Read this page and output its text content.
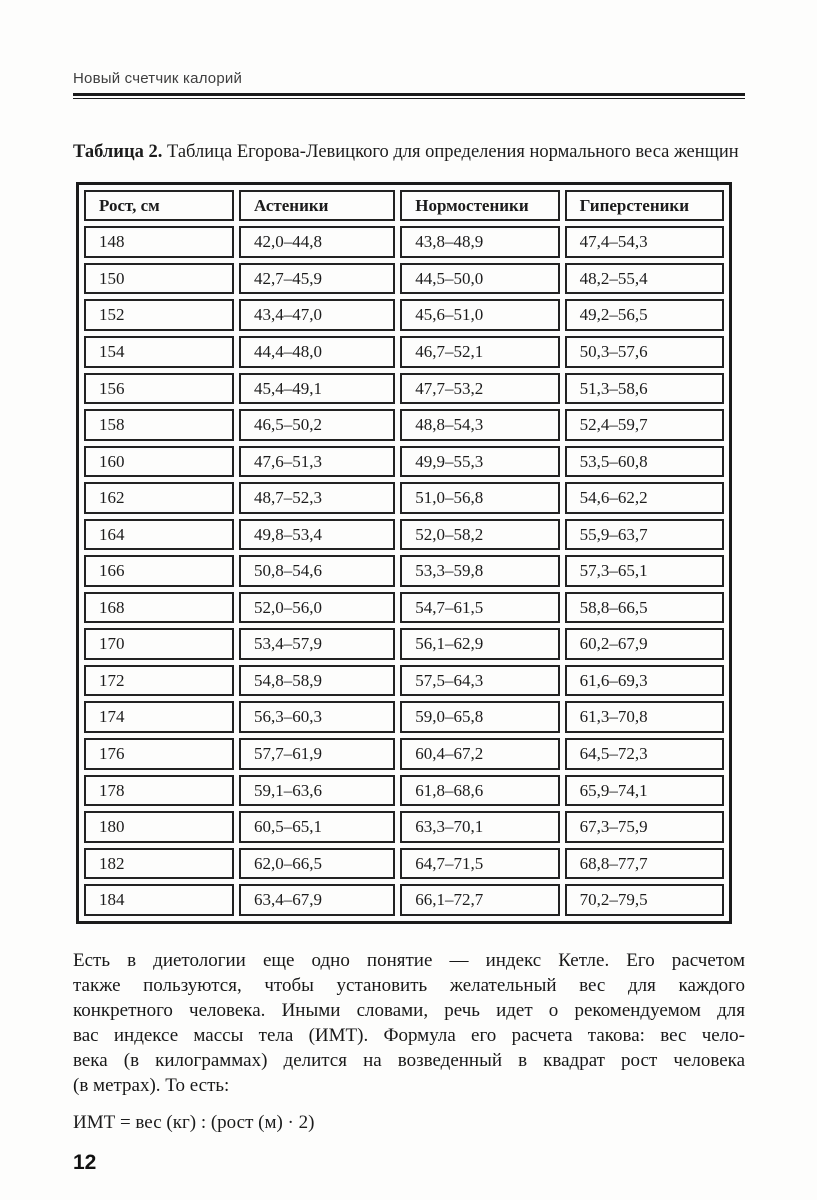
Новый счетчик калорий

Таблица 2. Таблица Егорова-Левицкого для определения нормального веса женщин

Рост, см	Астеники	Нормостеники	Гиперстеники
148	42,0–44,8	43,8–48,9	47,4–54,3
150	42,7–45,9	44,5–50,0	48,2–55,4
152	43,4–47,0	45,6–51,0	49,2–56,5
154	44,4–48,0	46,7–52,1	50,3–57,6
156	45,4–49,1	47,7–53,2	51,3–58,6
158	46,5–50,2	48,8–54,3	52,4–59,7
160	47,6–51,3	49,9–55,3	53,5–60,8
162	48,7–52,3	51,0–56,8	54,6–62,2
164	49,8–53,4	52,0–58,2	55,9–63,7
166	50,8–54,6	53,3–59,8	57,3–65,1
168	52,0–56,0	54,7–61,5	58,8–66,5
170	53,4–57,9	56,1–62,9	60,2–67,9
172	54,8–58,9	57,5–64,3	61,6–69,3
174	56,3–60,3	59,0–65,8	61,3–70,8
176	57,7–61,9	60,4–67,2	64,5–72,3
178	59,1–63,6	61,8–68,6	65,9–74,1
180	60,5–65,1	63,3–70,1	67,3–75,9
182	62,0–66,5	64,7–71,5	68,8–77,7
184	63,4–67,9	66,1–72,7	70,2–79,5
Есть в диетологии еще одно понятие — индекс Кетле. Его расчетом
также пользуются, чтобы установить желательный вес для каждого
конкретного человека. Иными словами, речь идет о рекомендуемом для
вас индексе массы тела (ИМТ). Формула его расчета такова: вес чело-
века (в килограммах) делится на возведенный в квадрат рост человека
(в метрах). То есть:
ИМТ = вес (кг) : (рост (м) · 2)
12
